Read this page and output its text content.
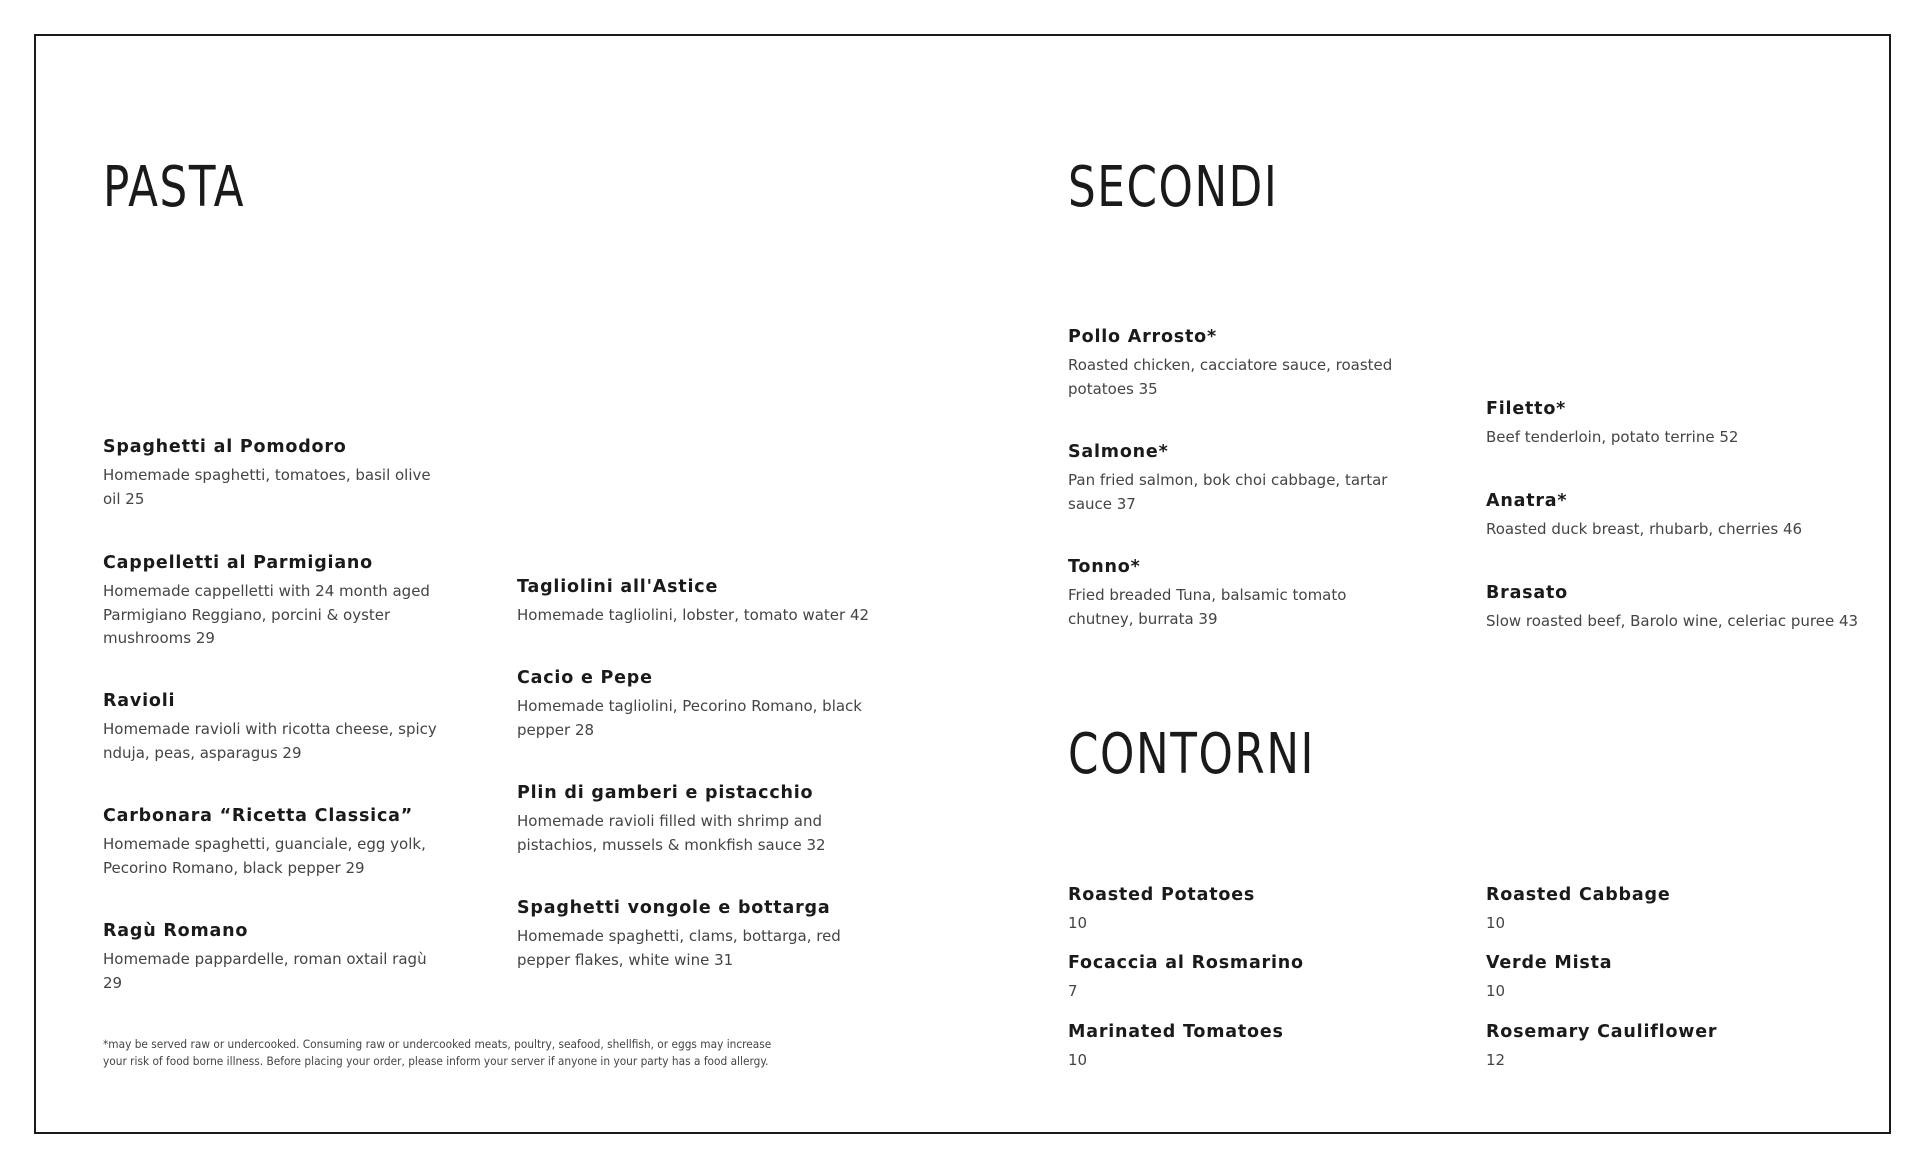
PASTA
Spaghetti al Pomodoro
Homemade spaghetti, tomatoes, basil olive oil 25
Cappelletti al Parmigiano
Homemade cappelletti with 24 month aged Parmigiano Reggiano, porcini & oyster mushrooms 29
Ravioli
Homemade ravioli with ricotta cheese, spicy nduja, peas, asparagus 29
Carbonara “Ricetta Classica”
Homemade spaghetti, guanciale, egg yolk, Pecorino Romano, black pepper 29
Ragù Romano
Homemade pappardelle, roman oxtail ragù 29
Tagliolini all'Astice
Homemade tagliolini, lobster, tomato water 42
Cacio e Pepe
Homemade tagliolini, Pecorino Romano, black pepper 28
Plin di gamberi e pistacchio
Homemade ravioli filled with shrimp and pistachios, mussels & monkfish sauce 32
Spaghetti vongole e bottarga
Homemade spaghetti, clams, bottarga, red pepper flakes, white wine 31
*may be served raw or undercooked. Consuming raw or undercooked meats, poultry, seafood, shellfish, or eggs may increase your risk of food borne illness. Before placing your order, please inform your server if anyone in your party has a food allergy.
SECONDI
Pollo Arrosto*
Roasted chicken, cacciatore sauce, roasted potatoes 35
Salmone*
Pan fried salmon, bok choi cabbage, tartar sauce 37
Tonno*
Fried breaded Tuna, balsamic tomato chutney, burrata 39
Filetto*
Beef tenderloin, potato terrine 52
Anatra*
Roasted duck breast, rhubarb, cherries 46
Brasato
Slow roasted beef, Barolo wine, celeriac puree 43
CONTORNI
Roasted Potatoes
10
Focaccia al Rosmarino
7
Marinated Tomatoes
10
Roasted Cabbage
10
Verde Mista
10
Rosemary Cauliflower
12
